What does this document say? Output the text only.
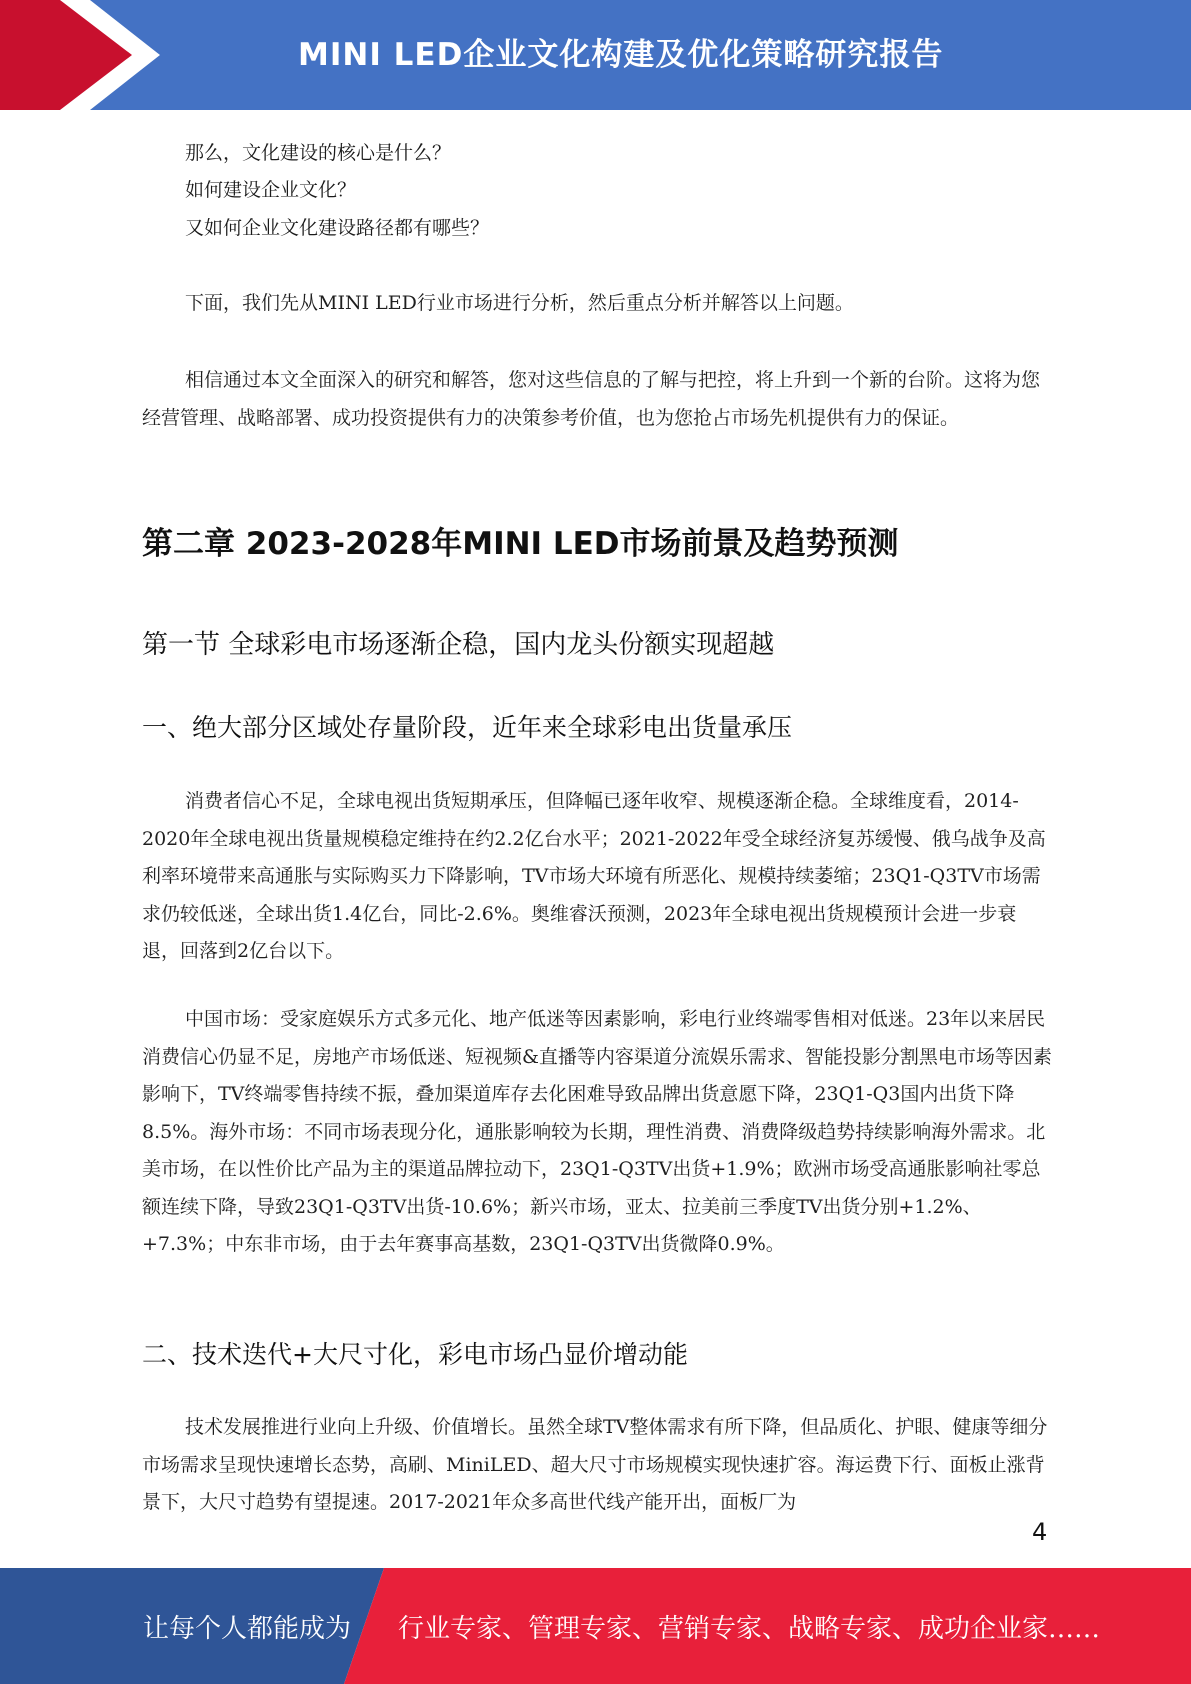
MINI LED企业文化构建及优化策略研究报告
那么，文化建设的核心是什么？
如何建设企业文化？
又如何企业文化建设路径都有哪些？
下面，我们先从MINI LED行业市场进行分析，然后重点分析并解答以上问题。
相信通过本文全面深入的研究和解答，您对这些信息的了解与把控，将上升到一个新的台阶。这将为您经营管理、战略部署、成功投资提供有力的决策参考价值，也为您抢占市场先机提供有力的保证。
第二章 2023-2028年MINI LED市场前景及趋势预测
第一节 全球彩电市场逐渐企稳，国内龙头份额实现超越
一、绝大部分区域处存量阶段，近年来全球彩电出货量承压
消费者信心不足，全球电视出货短期承压，但降幅已逐年收窄、规模逐渐企稳。全球维度看，2014-2020年全球电视出货量规模稳定维持在约2.2亿台水平；2021-2022年受全球经济复苏缓慢、俄乌战争及高利率环境带来高通胀与实际购买力下降影响，TV市场大环境有所恶化、规模持续萎缩；23Q1-Q3TV市场需求仍较低迷，全球出货1.4亿台，同比-2.6%。奥维睿沃预测，2023年全球电视出货规模预计会进一步衰退，回落到2亿台以下。
中国市场：受家庭娱乐方式多元化、地产低迷等因素影响，彩电行业终端零售相对低迷。23年以来居民消费信心仍显不足，房地产市场低迷、短视频&直播等内容渠道分流娱乐需求、智能投影分割黑电市场等因素影响下，TV终端零售持续不振，叠加渠道库存去化困难导致品牌出货意愿下降，23Q1-Q3国内出货下降8.5%。海外市场：不同市场表现分化，通胀影响较为长期，理性消费、消费降级趋势持续影响海外需求。北美市场，在以性价比产品为主的渠道品牌拉动下，23Q1-Q3TV出货+1.9%；欧洲市场受高通胀影响社零总额连续下降，导致23Q1-Q3TV出货-10.6%；新兴市场，亚太、拉美前三季度TV出货分别+1.2%、+7.3%；中东非市场，由于去年赛事高基数，23Q1-Q3TV出货微降0.9%。
二、技术迭代+大尺寸化，彩电市场凸显价增动能
技术发展推进行业向上升级、价值增长。虽然全球TV整体需求有所下降，但品质化、护眼、健康等细分市场需求呈现快速增长态势，高刷、MiniLED、超大尺寸市场规模实现快速扩容。海运费下行、面板止涨背景下，大尺寸趋势有望提速。2017-2021年众多高世代线产能开出，面板厂为
4
让每个人都能成为 行业专家、管理专家、营销专家、战略专家、成功企业家……
